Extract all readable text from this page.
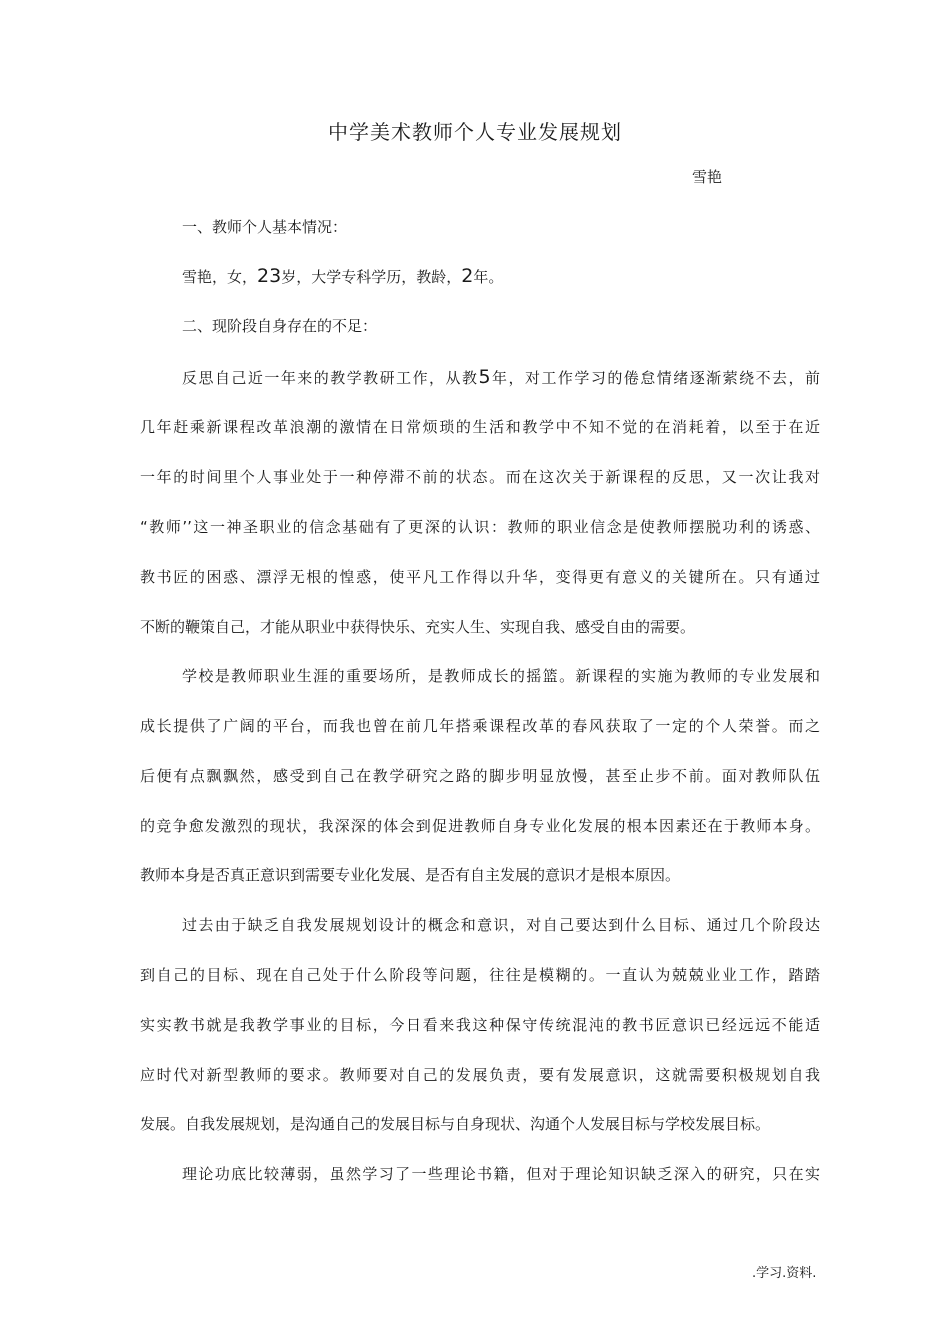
中学美术教师个人专业发展规划
雪艳
一、教师个人基本情况：
雪艳，女，23岁，大学专科学历，教龄，2年。
二、现阶段自身存在的不足：
反思自己近一年来的教学教研工作，从教5年，对工作学习的倦怠情绪逐渐萦绕不去，前
几年赶乘新课程改革浪潮的激情在日常烦琐的生活和教学中不知不觉的在消耗着，以至于在近
一年的时间里个人事业处于一种停滞不前的状态。而在这次关于新课程的反思，又一次让我对
“教师’’这一神圣职业的信念基础有了更深的认识：教师的职业信念是使教师摆脱功利的诱惑、
教书匠的困惑、漂浮无根的惶惑，使平凡工作得以升华，变得更有意义的关键所在。只有通过
不断的鞭策自己，才能从职业中获得快乐、充实人生、实现自我、感受自由的需要。
学校是教师职业生涯的重要场所，是教师成长的摇篮。新课程的实施为教师的专业发展和
成长提供了广阔的平台，而我也曾在前几年搭乘课程改革的春风获取了一定的个人荣誉。而之
后便有点飘飘然，感受到自己在教学研究之路的脚步明显放慢，甚至止步不前。面对教师队伍
的竞争愈发激烈的现状，我深深的体会到促进教师自身专业化发展的根本因素还在于教师本身。
教师本身是否真正意识到需要专业化发展、是否有自主发展的意识才是根本原因。
过去由于缺乏自我发展规划设计的概念和意识，对自己要达到什么目标、通过几个阶段达
到自己的目标、现在自己处于什么阶段等问题，往往是模糊的。一直认为兢兢业业工作，踏踏
实实教书就是我教学事业的目标，今日看来我这种保守传统混沌的教书匠意识已经远远不能适
应时代对新型教师的要求。教师要对自己的发展负责，要有发展意识，这就需要积极规划自我
发展。自我发展规划，是沟通自己的发展目标与自身现状、沟通个人发展目标与学校发展目标。
理论功底比较薄弱，虽然学习了一些理论书籍，但对于理论知识缺乏深入的研究，只在实
.学习.资料.
